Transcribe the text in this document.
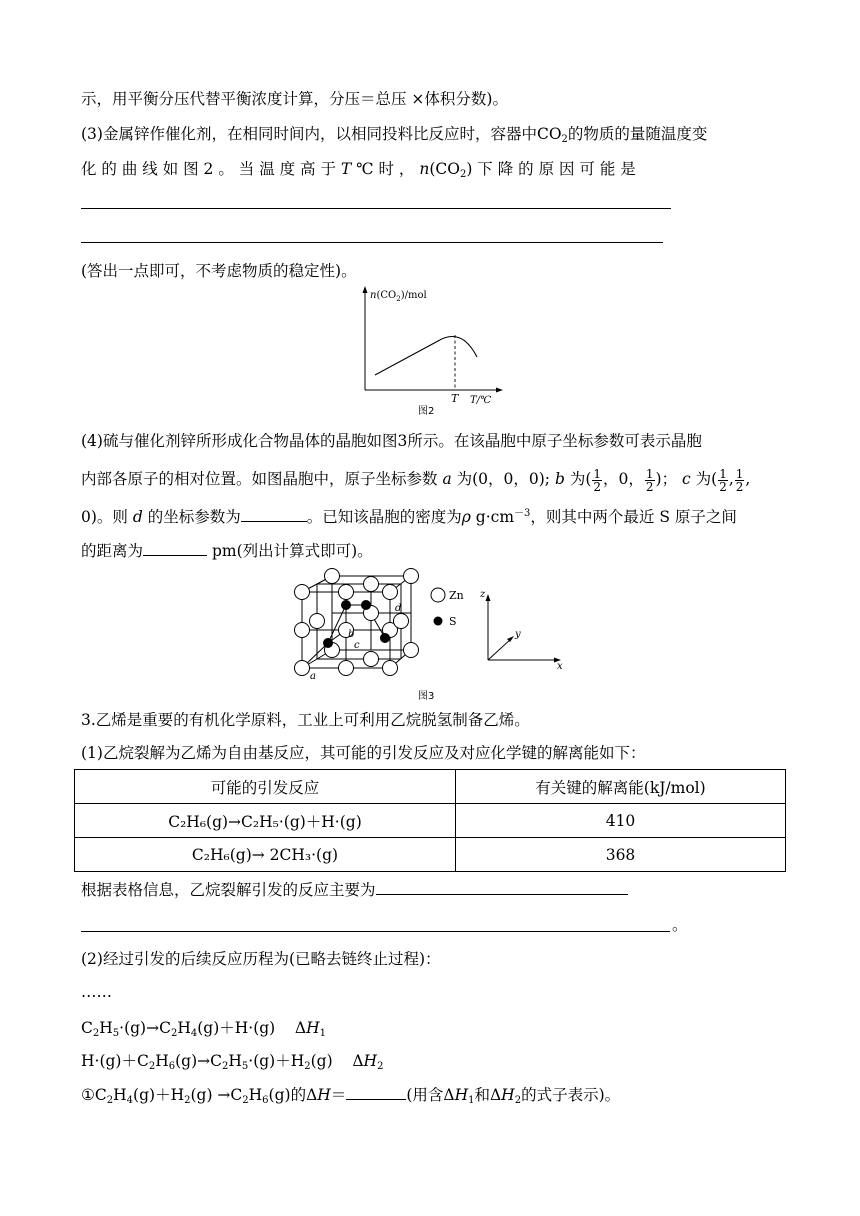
示，用平衡分压代替平衡浓度计算，分压＝总压 ×体积分数)。
(3)金属锌作催化剂，在相同时间内，以相同投料比反应时，容器中$CO_2$的物质的量随温度变
化 的 曲 线 如 图 2 。 当 温 度 高 于 T ℃ 时 ， $n(CO_2)$ 下 降 的 原 因 可 能 是
(答出一点即可，不考虑物质的稳定性)。
$n(CO_2)$/mol
T T/℃
图2
(4)硫与催化剂锌所形成化合物晶体的晶胞如图3所示。在该晶胞中原子坐标参数可表示晶胞
内部各原子的相对位置。如图晶胞中，原子坐标参数 a 为(0，0，0); b 为( $\frac{1}{2}$ ，0， $\frac{1}{2}$ )； c 为( $\frac{1}{2}$ , $\frac{1}{2}$ ,
0)。则 d 的坐标参数为	。已知该晶胞的密度为ρ $g\cdot cm^{-3}$，则其中两个最近 S 原子之间
的距离为	pm(列出计算式即可)。
a
b
c
d
Zn
S
z
y
x
图3
3.乙烯是重要的有机化学原料，工业上可利用乙烷脱氢制备乙烯。
(1)乙烷裂解为乙烯为自由基反应，其可能的引发反应及对应化学键的解离能如下：
可能的引发反应	有关键的解离能(kJ/mol)
C₂H₆(g)→C₂H₅·(g)＋H·(g)	410
C₂H₆(g)→ 2CH₃·(g)	368
根据表格信息，乙烷裂解引发的反应主要为
。
(2)经过引发的后续反应历程为(已略去链终止过程)：
……
$C_2H_5\cdot(g)\to C_2H_4(g)+H\cdot(g)$    $\Delta H_1$
$H\cdot(g)+C_2H_6(g)\to C_2H_5\cdot(g)+H_2(g)$    $\Delta H_2$
$①C_2H_4(g)+H_2(g) \to C_2H_6(g)$的ΔH＝	(用含$\Delta H_1$和$\Delta H_2$的式子表示)。
